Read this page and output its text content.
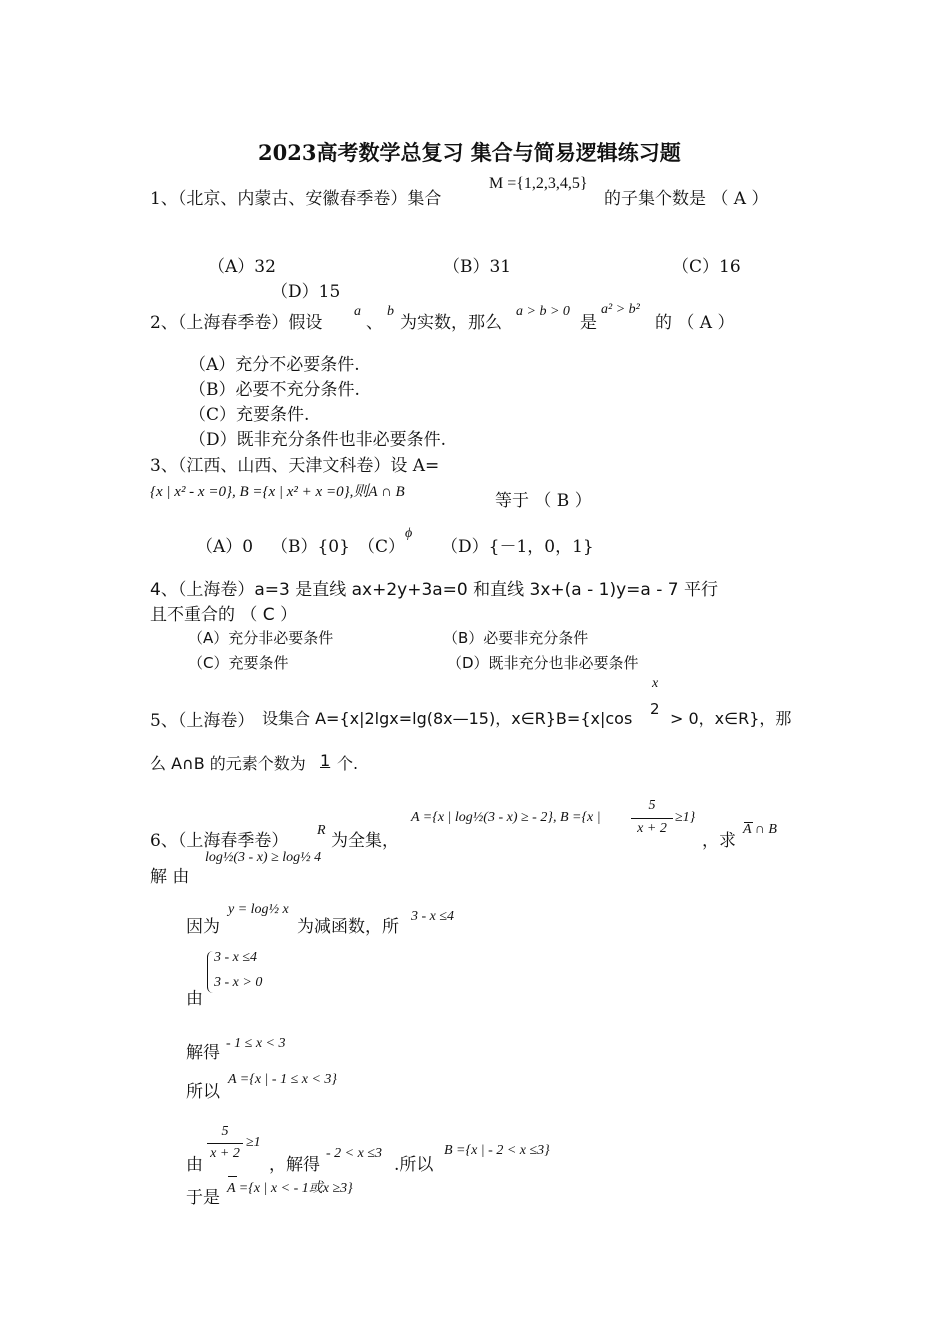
2023高考数学总复习 集合与简易逻辑练习题
1、（北京、内蒙古、安徽春季卷）集合
M ={1,2,3,4,5}
的子集个数是 （ A ）
（A）32	（B）31	（C）16
（D）15
2、（上海春季卷）假设
a
、
b
为实数，那么
a > b > 0
是
a² > b²
的 （ A ）
（A）充分不必要条件.
（B）必要不充分条件.
（C）充要条件.
（D）既非充分条件也非必要条件.
3、（江西、山西、天津文科卷）设 A=
{x | x² - x =0}, B ={x | x² + x =0},则A ∩ B	等于 （ B ）
（A）0 （B）{0} （C）
ϕ
（D）{－1，0，1}
4、（上海卷）a=3 是直线 ax+2y+3a=0 和直线 3x+(a - 1)y=a - 7 平行
且不重合的 （ C ）
（A）充分非必要条件	（B）必要非充分条件
（C）充要条件	（D）既非充分也非必要条件
5、（上海卷） 设集合 A={x|2lgx=lg(8x—15)，x∈R}B={x|cos
x
2 > 0，x∈R}，那
么 A∩B 的元素个数为 1 个.
6、（上海春季卷）
R
为全集，
A ={x | log½(3 - x) ≥ - 2}, B ={x |
5
x + 2
≥1}
，求
A ∩ B
解 由
log½(3 - x) ≥ log½ 4
因为
y = log½ x
为减函数，所
3 - x ≤4
由
3 - x ≤4
3 - x > 0
解得 - 1 ≤ x < 3
所以
A ={x | - 1 ≤ x < 3}
由
5
x + 2
≥1
，解得
- 2 < x ≤3
.所以
B ={x | - 2 < x ≤3}
于是 A ={x | x < - 1或x ≥3}
